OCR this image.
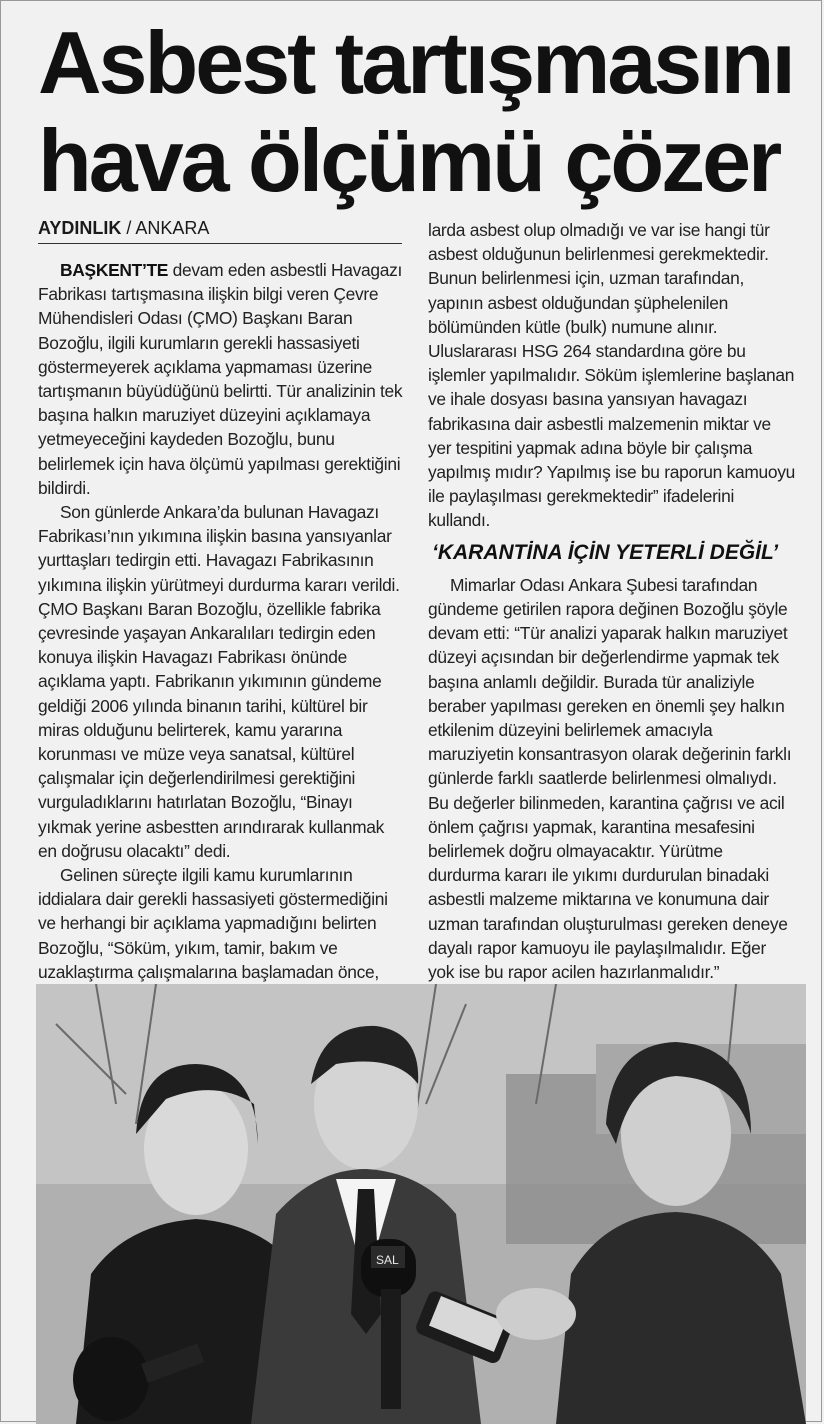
Asbest tartışmasını
hava ölçümü çözer
AYDINLIK / ANKARA

BAŞKENT’TE devam eden asbestli Havagazı Fabrikası tartışmasına ilişkin bilgi veren Çevre Mühendisleri Odası (ÇMO) Başkanı Baran Bozoğlu, ilgili kurumların gerekli hassasiyeti göstermeyerek açıklama yapmaması üzerine tartışmanın büyüdüğünü belirtti. Tür analizinin tek başına halkın maruziyet düzeyini açıklamaya yetmeyeceğini kaydeden Bozoğlu, bunu belirlemek için hava ölçümü yapılması gerektiğini bildirdi.

Son günlerde Ankara’da bulunan Havagazı Fabrikası’nın yıkımına ilişkin basına yansıyanlar yurttaşları tedirgin etti. Havagazı Fabrikasının yıkımına ilişkin yürütmeyi durdurma kararı verildi. ÇMO Başkanı Baran Bozoğlu, özellikle fabrika çevresinde yaşayan Ankaralıları tedirgin eden konuya ilişkin Havagazı Fabrikası önünde açıklama yaptı. Fabrikanın yıkımının gündeme geldiği 2006 yılında binanın tarihi, kültürel bir miras olduğunu belirterek, kamu yararına korunması ve müze veya sanatsal, kültürel çalışmalar için değerlendirilmesi gerektiğini vurguladıklarını hatırlatan Bozoğlu, “Binayı yıkmak yerine asbestten arındırarak kullanmak en doğrusu olacaktı” dedi.

Gelinen süreçte ilgili kamu kurumlarının iddialara dair gerekli hassasiyeti göstermediğini ve herhangi bir açıklama yapmadığını belirten Bozoğlu, “Söküm, yıkım, tamir, bakım ve uzaklaştırma çalışmalarına başlamadan önce,

larda asbest olup olmadığı ve var ise hangi tür asbest olduğunun belirlenmesi gerekmektedir. Bunun belirlenmesi için, uzman tarafından, yapının asbest olduğundan şüphelenilen bölümünden kütle (bulk) numune alınır. Uluslararası HSG 264 standardına göre bu işlemler yapılmalıdır. Söküm işlemlerine başlanan ve ihale dosyası basına yansıyan havagazı fabrikasına dair asbestli malzemenin miktar ve yer tespitini yapmak adına böyle bir çalışma yapılmış mıdır? Yapılmış ise bu raporun kamuoyu ile paylaşılması gerekmektedir” ifadelerini kullandı.

‘KARANTİNA İÇİN YETERLİ DEĞİL’

Mimarlar Odası Ankara Şubesi tarafından gündeme getirilen rapora değinen Bozoğlu şöyle devam etti: “Tür analizi yaparak halkın maruziyet düzeyi açısından bir değerlendirme yapmak tek başına anlamlı değildir. Burada tür analiziyle beraber yapılması gereken en önemli şey halkın etkilenim düzeyini belirlemek amacıyla maruziyetin konsantrasyon olarak değerinin farklı günlerde farklı saatlerde belirlenmesi olmalıydı. Bu değerler bilinmeden, karantina çağrısı ve acil önlem çağrısı yapmak, karantina mesafesini belirlemek doğru olmayacaktır. Yürütme durdurma kararı ile yıkımı durdurulan binadaki asbestli malzeme miktarına ve konumuna dair uzman tarafından oluşturulması gereken deneye dayalı rapor kamuoyu ile paylaşılmalıdır. Eğer yok ise bu rapor acilen hazırlanmalıdır.”

SAL
